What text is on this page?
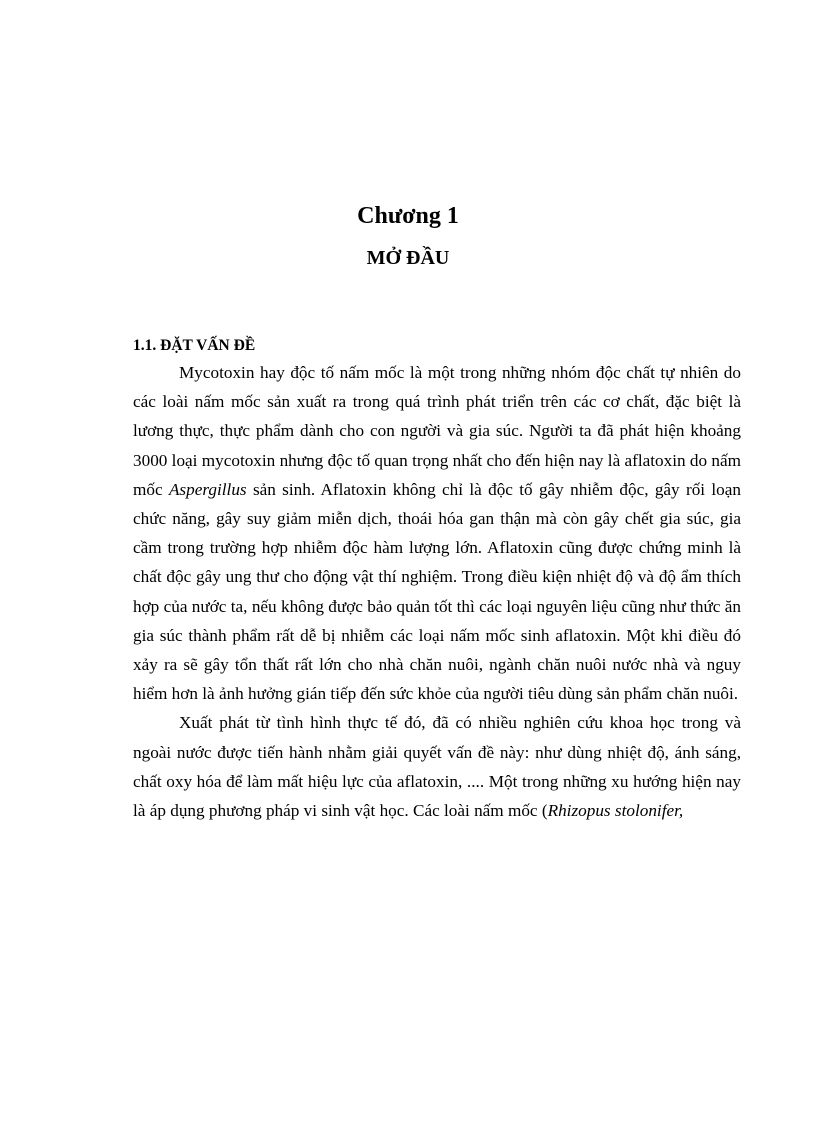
Chương 1
MỞ ĐẦU
1.1. ĐẶT VẤN ĐỀ

Mycotoxin hay độc tố nấm mốc là một trong những nhóm độc chất tự nhiên do các loài nấm mốc sản xuất ra trong quá trình phát triển trên các cơ chất, đặc biệt là lương thực, thực phẩm dành cho con người và gia súc. Người ta đã phát hiện khoảng 3000 loại mycotoxin nhưng độc tố quan trọng nhất cho đến hiện nay là aflatoxin do nấm mốc Aspergillus sản sinh. Aflatoxin không chỉ là độc tố gây nhiễm độc, gây rối loạn chức năng, gây suy giảm miễn dịch, thoái hóa gan thận mà còn gây chết gia súc, gia cầm trong trường hợp nhiễm độc hàm lượng lớn. Aflatoxin cũng được chứng minh là chất độc gây ung thư cho động vật thí nghiệm. Trong điều kiện nhiệt độ và độ ẩm thích hợp của nước ta, nếu không được bảo quản tốt thì các loại nguyên liệu cũng như thức ăn gia súc thành phẩm rất dễ bị nhiễm các loại nấm mốc sinh aflatoxin. Một khi điều đó xảy ra sẽ gây tổn thất rất lớn cho nhà chăn nuôi, ngành chăn nuôi nước nhà và nguy hiểm hơn là ảnh hưởng gián tiếp đến sức khỏe của người tiêu dùng sản phẩm chăn nuôi.

Xuất phát từ tình hình thực tế đó, đã có nhiều nghiên cứu khoa học trong và ngoài nước được tiến hành nhằm giải quyết vấn đề này: như dùng nhiệt độ, ánh sáng, chất oxy hóa để làm mất hiệu lực của aflatoxin, .... Một trong những xu hướng hiện nay là áp dụng phương pháp vi sinh vật học. Các loài nấm mốc (Rhizopus stolonifer,
